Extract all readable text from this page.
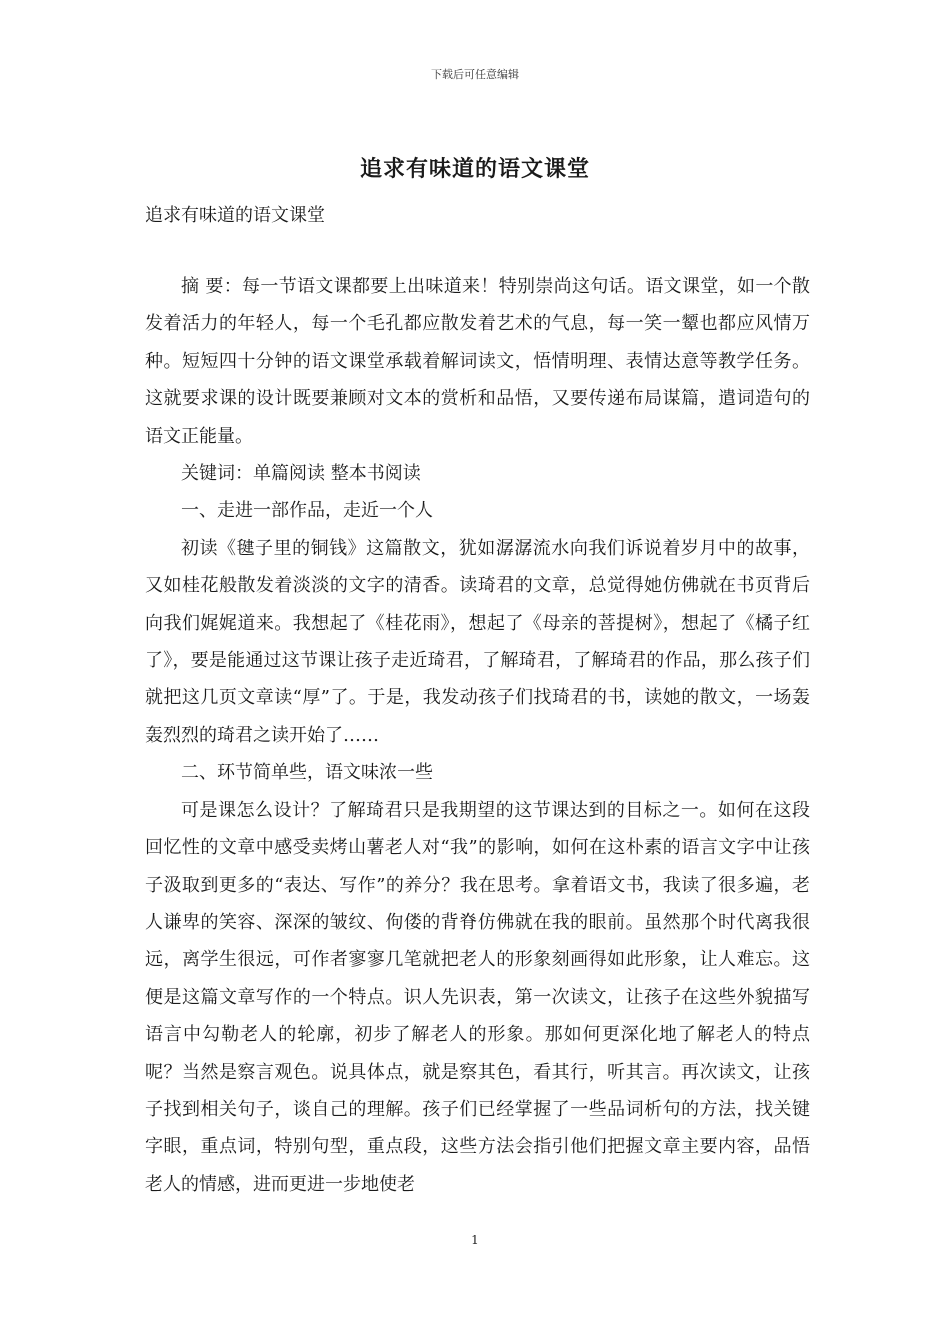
下载后可任意编辑
追求有味道的语文课堂
追求有味道的语文课堂

摘 要：每一节语文课都要上出味道来！特别崇尚这句话。语文课堂，如一个散发着活力的年轻人，每一个毛孔都应散发着艺术的气息，每一笑一颦也都应风情万种。短短四十分钟的语文课堂承载着解词读文，悟情明理、表情达意等教学任务。这就要求课的设计既要兼顾对文本的赏析和品悟，又要传递布局谋篇，遣词造句的语文正能量。

关键词：单篇阅读 整本书阅读

一、走进一部作品，走近一个人

初读《毽子里的铜钱》这篇散文，犹如潺潺流水向我们诉说着岁月中的故事，又如桂花般散发着淡淡的文字的清香。读琦君的文章，总觉得她仿佛就在书页背后向我们娓娓道来。我想起了《桂花雨》，想起了《母亲的菩提树》，想起了《橘子红了》，要是能通过这节课让孩子走近琦君，了解琦君，了解琦君的作品，那么孩子们就把这几页文章读“厚”了。于是，我发动孩子们找琦君的书，读她的散文，一场轰轰烈烈的琦君之读开始了……

二、环节简单些，语文味浓一些

可是课怎么设计？了解琦君只是我期望的这节课达到的目标之一。如何在这段回忆性的文章中感受卖烤山薯老人对“我”的影响，如何在这朴素的语言文字中让孩子汲取到更多的“表达、写作”的养分？我在思考。拿着语文书，我读了很多遍，老人谦卑的笑容、深深的皱纹、佝偻的背脊仿佛就在我的眼前。虽然那个时代离我很远，离学生很远，可作者寥寥几笔就把老人的形象刻画得如此形象，让人难忘。这便是这篇文章写作的一个特点。识人先识表，第一次读文，让孩子在这些外貌描写语言中勾勒老人的轮廓，初步了解老人的形象。那如何更深化地了解老人的特点呢？当然是察言观色。说具体点，就是察其色，看其行，听其言。再次读文，让孩子找到相关句子，谈自己的理解。孩子们已经掌握了一些品词析句的方法，找关键字眼，重点词，特别句型，重点段，这些方法会指引他们把握文章主要内容，品悟老人的情感，进而更进一步地使老

1
